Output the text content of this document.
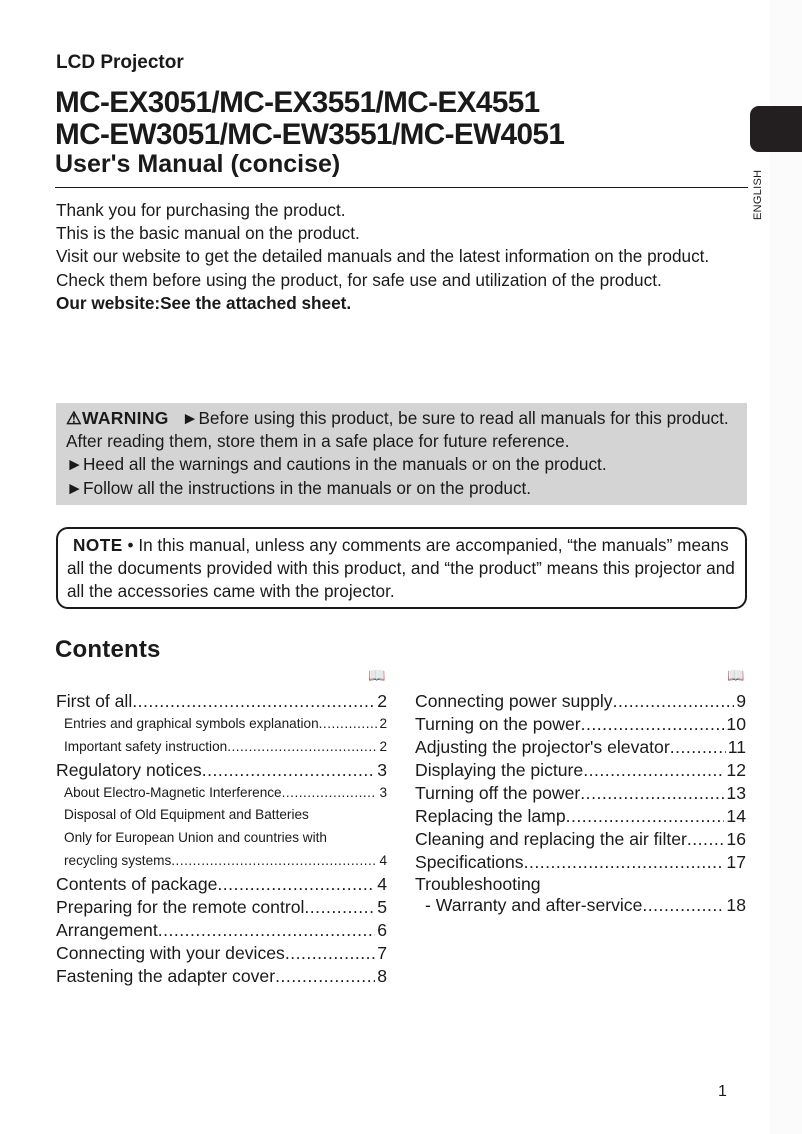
ENGLISH
LCD Projector
MC-EX3051/MC-EX3551/MC-EX4551
MC-EW3051/MC-EW3551/MC-EW4051
User's Manual (concise)

Thank you for purchasing the product.

This is the basic manual on the product.

Visit our website to get the detailed manuals and the latest information on the product.

Check them before using the product, for safe use and utilization of the product.

Our website:See the attached sheet.

⚠WARNING ►Before using this product, be sure to read all manuals for this product. After reading them, store them in a safe place for future reference.

►Heed all the warnings and cautions in the manuals or on the product.

►Follow all the instructions in the manuals or on the product.

NOTE • In this manual, unless any comments are accompanied, “the manuals” means all the documents provided with this product, and “the product” means this projector and all the accessories came with the projector.
Contents
📖	📖
First of all .....	2
Entries and graphical symbols explanation .....	2
Important safety instruction .....	2
Regulatory notices .....	3
About Electro-Magnetic Interference .....	3
Disposal of Old Equipment and Batteries
Only for European Union and countries with
recycling systems .....	4
Contents of package .....	4
Preparing for the remote control .....	5
Arrangement .....	6
Connecting with your devices .....	7
Fastening the adapter cover .....	8
Connecting power supply .....	9
Turning on the power .....	10
Adjusting the projector's elevator .....	11
Displaying the picture .....	12
Turning off the power .....	13
Replacing the lamp .....	14
Cleaning and replacing the air filter ..... 16
Specifications .....	17
Troubleshooting
- Warranty and after-service .....	18
1
